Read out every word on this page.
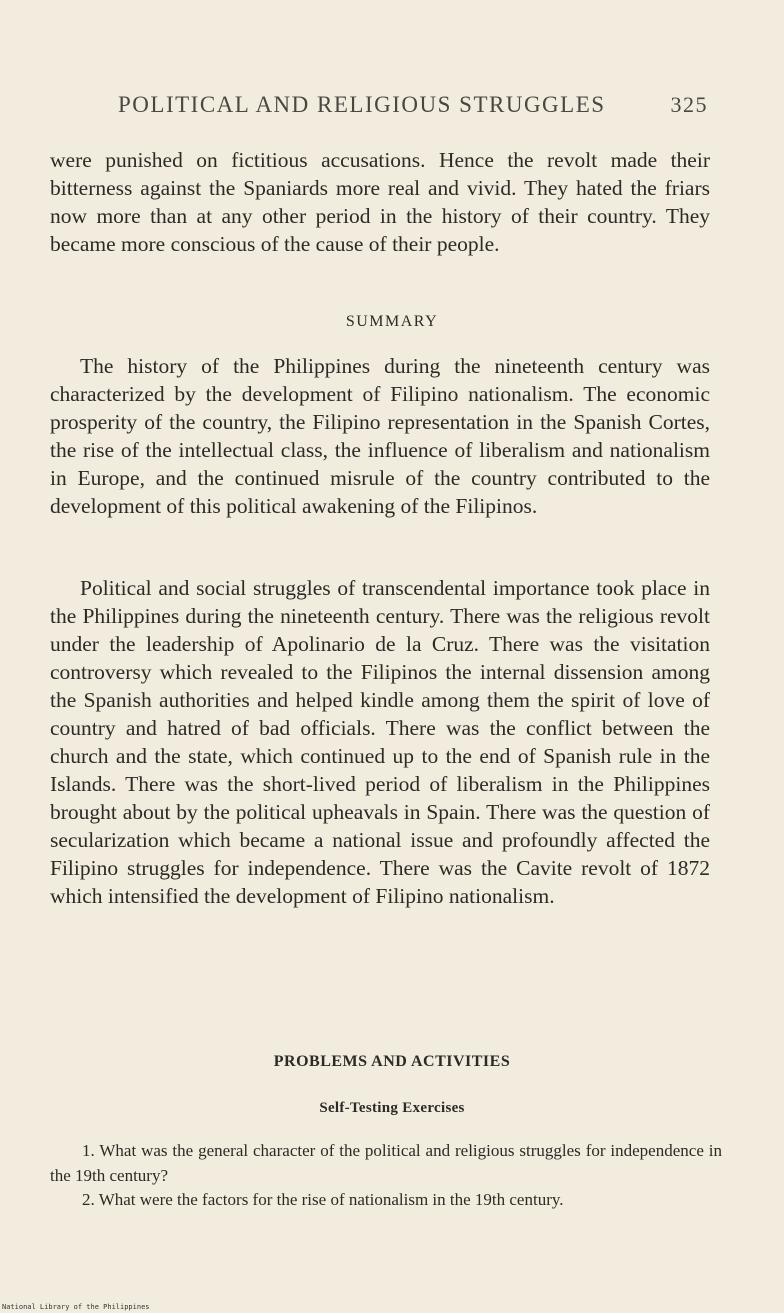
POLITICAL AND RELIGIOUS STRUGGLES	325

were punished on fictitious accusations. Hence the revolt made their bitterness against the Spaniards more real and vivid. They hated the friars now more than at any other period in the history of their country. They became more conscious of the cause of their people.

SUMMARY

The history of the Philippines during the nineteenth century was characterized by the development of Filipino nationalism. The economic prosperity of the country, the Filipino representation in the Spanish Cortes, the rise of the intellectual class, the influence of liberalism and nationalism in Europe, and the continued misrule of the country contributed to the development of this political awakening of the Filipinos.

Political and social struggles of transcendental importance took place in the Philippines during the nineteenth century. There was the religious revolt under the leadership of Apolinario de la Cruz. There was the visitation controversy which revealed to the Filipinos the internal dissension among the Spanish authorities and helped kindle among them the spirit of love of country and hatred of bad officials. There was the conflict between the church and the state, which continued up to the end of Spanish rule in the Islands. There was the short-lived period of liberalism in the Philippines brought about by the political upheavals in Spain. There was the question of secularization which became a national issue and profoundly affected the Filipino struggles for independence. There was the Cavite revolt of 1872 which intensified the development of Filipino nationalism.

PROBLEMS AND ACTIVITIES
Self-Testing Exercises

1. What was the general character of the political and religious struggles for independence in the 19th century?

2. What were the factors for the rise of nationalism in the 19th century.

National Library of the Philippines
